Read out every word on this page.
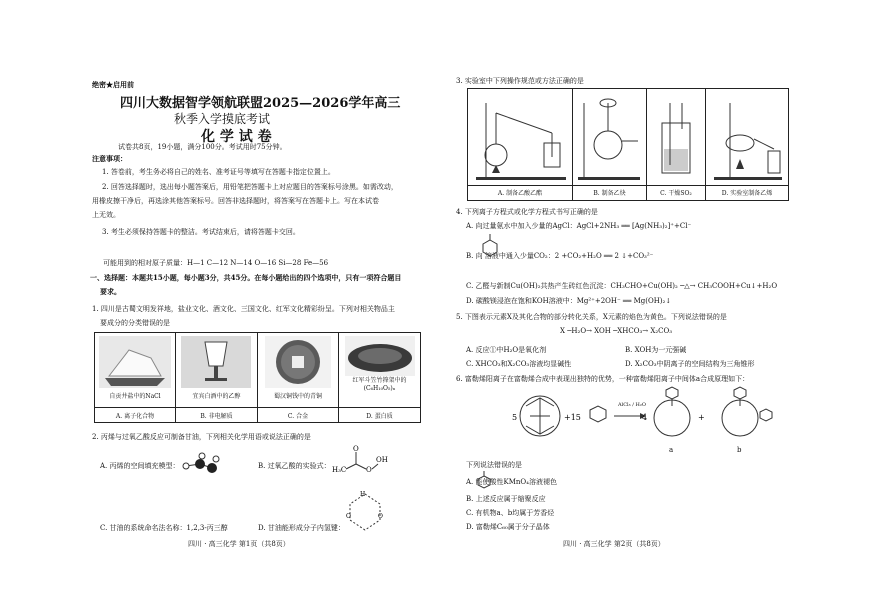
绝密★启用前
四川大数据智学领航联盟2025—2026学年高三
秋季入学摸底考试
化 学 试 卷
试卷共8页，19小题，满分100分。考试用时75分钟。
注意事项：
1. 答卷前，考生务必将自己的姓名、准考证号等填写在答题卡指定位置上。
2. 回答选择题时，选出每小题答案后，用铅笔把答题卡上对应题目的答案标号涂黑。如需改动，
用橡皮擦干净后，再选涂其他答案标号。回答非选择题时，将答案写在答题卡上。写在本试卷
上无效。
3. 考生必须保持答题卡的整洁。考试结束后，请将答题卡交回。
可能用到的相对原子质量：H—1 C—12 N—14 O—16 Si—28 Fe—56
一、选择题：本题共15小题，每小题3分，共45分。在每小题给出的四个选项中，只有一项符合题目
要求。
1. 四川是古蜀文明发祥地，盐业文化、酒文化、三国文化、红军文化精彩纷呈。下列对相关物品主
要成分的分类错误的是
自贡井盐中的NaCl	宜宾白酒中的乙醇	蜀汉铜钱中的青铜
红军斗笠竹箨架中的(C₆H₁₀O₅)ₙ
A. 离子化合物	B. 非电解质	C. 合金	D. 蛋白质
2. 丙烯与过氧乙酸反应可制备甘油，下列相关化学用语或说法正确的是
A. 丙烯的空间填充模型：	B. 过氧乙酸的实验式： H₃C
O
O
OH
H
O	O
C. 甘油的系统命名法名称：1,2,3-丙三醇	D. 甘油能形成分子内氢键：
四川 · 高三化学 第1页（共8页）
3. 实验室中下列操作规范或方法正确的是
A. 制备乙酸乙酯	B. 制备乙炔	C. 干燥SO₂	D. 实验室制备乙烯
4. 下列离子方程式或化学方程式书写正确的是
A. 向过量氨水中加入少量的AgCl：AgCl+2NH₃ ══ [Ag(NH₃)₂]⁺+Cl⁻
B. 向 溶液中通入少量CO₂：2 +CO₂+H₂O ══ 2 ↓+CO₃²⁻
C. 乙醛与新制Cu(OH)₂共热产生砖红色沉淀：CH₃CHO+Cu(OH)₂ ─△→ CH₃COOH+Cu↓+H₂O
D. 碳酸镁浸泡在饱和KOH溶液中：Mg²⁺+2OH⁻ ══ Mg(OH)₂↓
5. 下图表示元素X及其化合物的部分转化关系，X元素的焰色为黄色。下列说法错误的是
X ─H₂O→ XOH ─XHCO₃→ X₂CO₃
A. 反应①中H₂O是氧化剂	B. XOH为一元强碱
C. XHCO₃和X₂CO₃溶液均显碱性	D. X₂CO₃中阴离子的空间结构为三角锥形
6. 富勒烯阳离子在富勒烯合成中表现出独特的优势，一种富勒烯阳离子中间体a合成原理如下：
5	+15	4	+
AlCl₃ / H₂O
a	b
下列说法错误的是
A. 能使酸性KMnO₄溶液褪色
B. 上述反应属于缩聚反应
C. 有机物a、b均属于芳香烃
D. 富勒烯C₆₀属于分子晶体
四川 · 高三化学 第2页（共8页）
